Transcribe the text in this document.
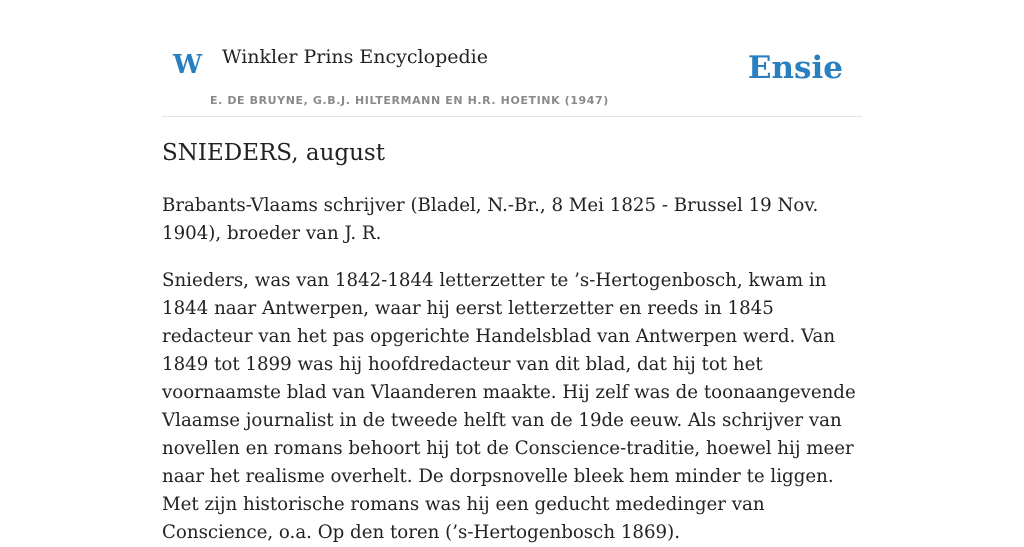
W Winkler Prins Encyclopedie
E. DE BRUYNE, G.B.J. HILTERMANN EN H.R. HOETINK (1947)
Ensie
SNIEDERS, august

Brabants-Vlaams schrijver (Bladel, N.-Br., 8 Mei 1825 - Brussel 19 Nov. 1904), broeder van J. R.

Snieders, was van 1842-1844 letterzetter te ’s-Hertogenbosch, kwam in 1844 naar Antwerpen, waar hij eerst letterzetter en reeds in 1845 redacteur van het pas opgerichte Handelsblad van Antwerpen werd. Van 1849 tot 1899 was hij hoofdredacteur van dit blad, dat hij tot het voornaamste blad van Vlaanderen maakte. Hij zelf was de toonaangevende Vlaamse journalist in de tweede helft van de 19de eeuw. Als schrijver van novellen en romans behoort hij tot de Conscience-traditie, hoewel hij meer naar het realisme overhelt. De dorpsnovelle bleek hem minder te liggen. Met zijn historische romans was hij een geducht mededinger van Conscience, o.a. Op den toren (’s-Hertogenbosch 1869).
